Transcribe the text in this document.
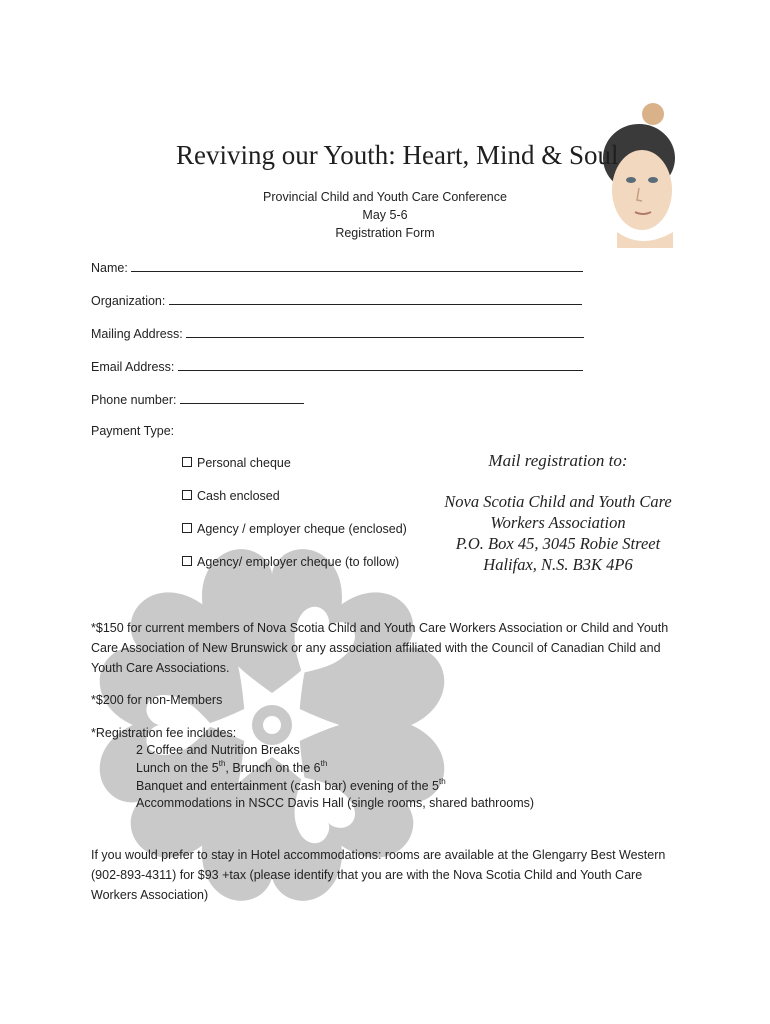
Reviving our Youth: Heart, Mind & Soul
Provincial Child and Youth Care Conference
May 5-6
Registration Form
Name:
Organization:
Mailing Address:
Email Address:
Phone number:
Payment Type:
Personal cheque
Cash enclosed
Agency / employer cheque (enclosed)
Agency/ employer cheque (to follow)
Mail registration to:
Nova Scotia Child and Youth Care
Workers Association
P.O. Box 45, 3045 Robie Street
Halifax, N.S. B3K 4P6
*$150 for current members of Nova Scotia Child and Youth Care Workers Association or Child and Youth Care Association of New Brunswick or any association affiliated with the Council of Canadian Child and Youth Care Associations.
*$200 for non-Members
*Registration fee includes:
2 Coffee and Nutrition Breaks
Lunch on the 5th, Brunch on the 6th
Banquet and entertainment (cash bar) evening of the 5th
Accommodations in NSCC Davis Hall (single rooms, shared bathrooms)
If you would prefer to stay in Hotel accommodations: rooms are available at the Glengarry Best Western (902-893-4311) for $93 +tax (please identify that you are with the Nova Scotia Child and Youth Care Workers Association)
